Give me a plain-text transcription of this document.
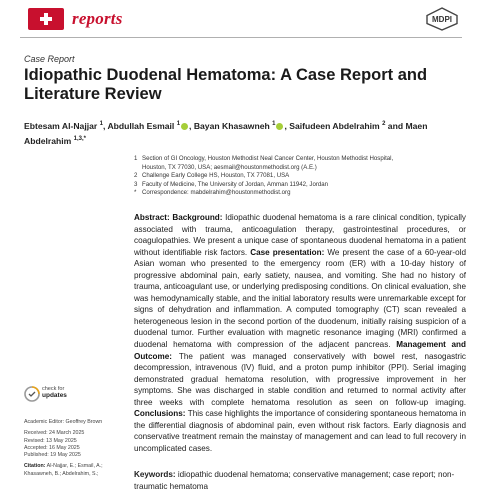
reports	MDPI
Case Report
Idiopathic Duodenal Hematoma: A Case Report and Literature Review
Ebtesam Al-Najjar $^1$, Abdullah Esmail $^1$ , Bayan Khasawneh $^1$ , Saifudeen Abdelrahim $^2$ and Maen Abdelrahim $^{1,3,*}$
1 Section of GI Oncology, Houston Methodist Neal Cancer Center, Houston Methodist Hospital,
Houston, TX 77030, USA; aesmail@houstonmethodist.org (A.E.)
2 Challenge Early College HS, Houston, TX 77081, USA
3 Faculty of Medicine, The University of Jordan, Amman 11942, Jordan
* Correspondence: mabdelrahim@houstonmethodist.org
Abstract: Background: Idiopathic duodenal hematoma is a rare clinical condition, typically associated with trauma, anticoagulation therapy, gastrointestinal procedures, or coagulopathies. We present a unique case of spontaneous duodenal hematoma in a patient without identifiable risk factors. Case presentation: We present the case of a 60-year-old Asian woman who presented to the emergency room (ER) with a 10-day history of progressive abdominal pain, early satiety, nausea, and vomiting. She had no history of trauma, anticoagulant use, or underlying predisposing conditions. On clinical evaluation, she was hemodynamically stable, and the initial laboratory results were unremarkable except for signs of dehydration and inflammation. A computed tomography (CT) scan revealed a heterogeneous lesion in the second portion of the duodenum, initially raising suspicion of a duodenal tumor. Further evaluation with magnetic resonance imaging (MRI) confirmed a duodenal hematoma with compression of the adjacent pancreas. Management and Outcome: The patient was managed conservatively with bowel rest, nasogastric decompression, intravenous (IV) fluid, and a proton pump inhibitor (PPI). Serial imaging demonstrated gradual hematoma resolution, with progressive improvement in her symptoms. She was discharged in stable condition and returned to normal activity after three weeks with complete hematoma resolution as seen on follow-up imaging. Conclusions: This case highlights the importance of considering spontaneous hematoma in the differential diagnosis of abdominal pain, even without risk factors. Early diagnosis and conservative treatment remain the mainstay of management and can lead to full recovery in uncomplicated cases.
Keywords: idiopathic duodenal hematoma; conservative management; case report; non-traumatic hematoma
check for
updates
Academic Editor: Geoffrey Brown
Received: 24 March 2025
Revised: 13 May 2025
Accepted: 16 May 2025
Published: 19 May 2025
Citation: Al-Najjar, E.; Esmail, A.;
Khasawneh, B.; Abdelrahim, S.;
